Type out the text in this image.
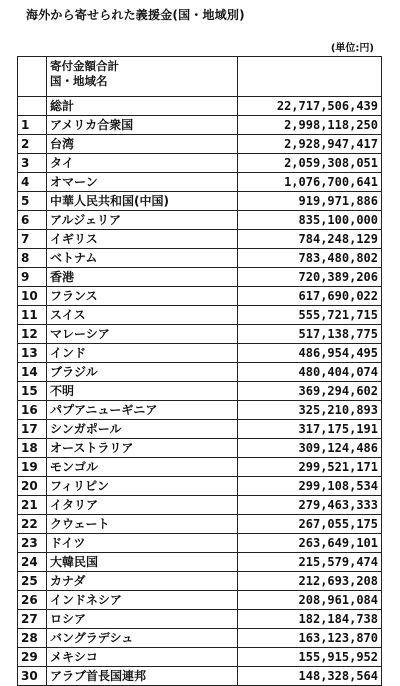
海外から寄せられた義援金(国・地域別)
(単位:円)

	寄付金額合計
国・地域名	

	総計	22,717,506,439
1	アメリカ合衆国	2,998,118,250
2	台湾	2,928,947,417
3	タイ	2,059,308,051
4	オマーン	1,076,700,641
5	中華人民共和国(中国)	919,971,886
6	アルジェリア	835,100,000
7	イギリス	784,248,129
8	ベトナム	783,480,802
9	香港	720,389,206
10	フランス	617,690,022
11	スイス	555,721,715
12	マレーシア	517,138,775
13	インド	486,954,495
14	ブラジル	480,404,074
15	不明	369,294,602
16	パプアニューギニア	325,210,893
17	シンガポール	317,175,191
18	オーストラリア	309,124,486
19	モンゴル	299,521,171
20	フィリピン	299,108,534
21	イタリア	279,463,333
22	クウェート	267,055,175
23	ドイツ	263,649,101
24	大韓民国	215,579,474
25	カナダ	212,693,208
26	インドネシア	208,961,084
27	ロシア	182,184,738
28	バングラデシュ	163,123,870
29	メキシコ	155,915,952
30	アラブ首長国連邦	148,328,564
